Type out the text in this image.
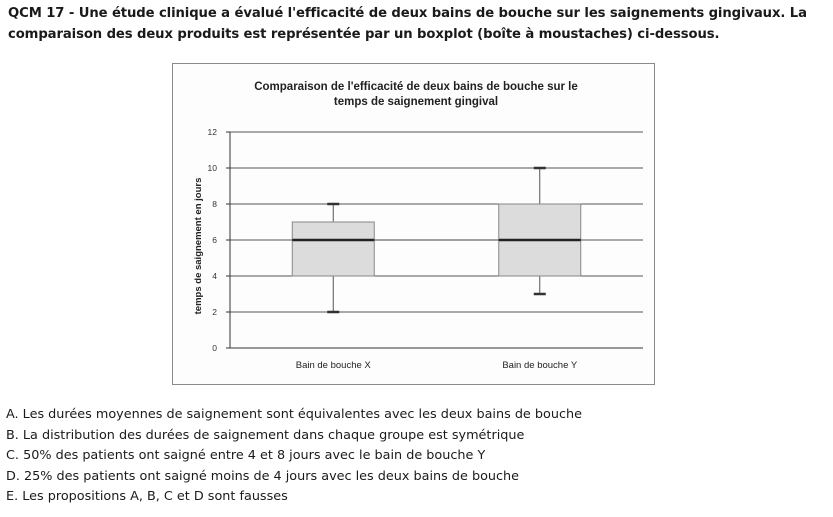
QCM 17 - Une étude clinique a évalué l'efficacité de deux bains de bouche sur les saignements gingivaux. La comparaison des deux produits est représentée par un boxplot (boîte à moustaches) ci-dessous.
Comparaison de l'efficacité de deux bains de bouche sur le
temps de saignement gingival
0
2
4
6
8
10
12
temps de saignement en jours
Bain de bouche X	Bain de bouche Y
A. Les durées moyennes de saignement sont équivalentes avec les deux bains de bouche
B. La distribution des durées de saignement dans chaque groupe est symétrique
C. 50% des patients ont saigné entre 4 et 8 jours avec le bain de bouche Y
D. 25% des patients ont saigné moins de 4 jours avec les deux bains de bouche
E. Les propositions A, B, C et D sont fausses
